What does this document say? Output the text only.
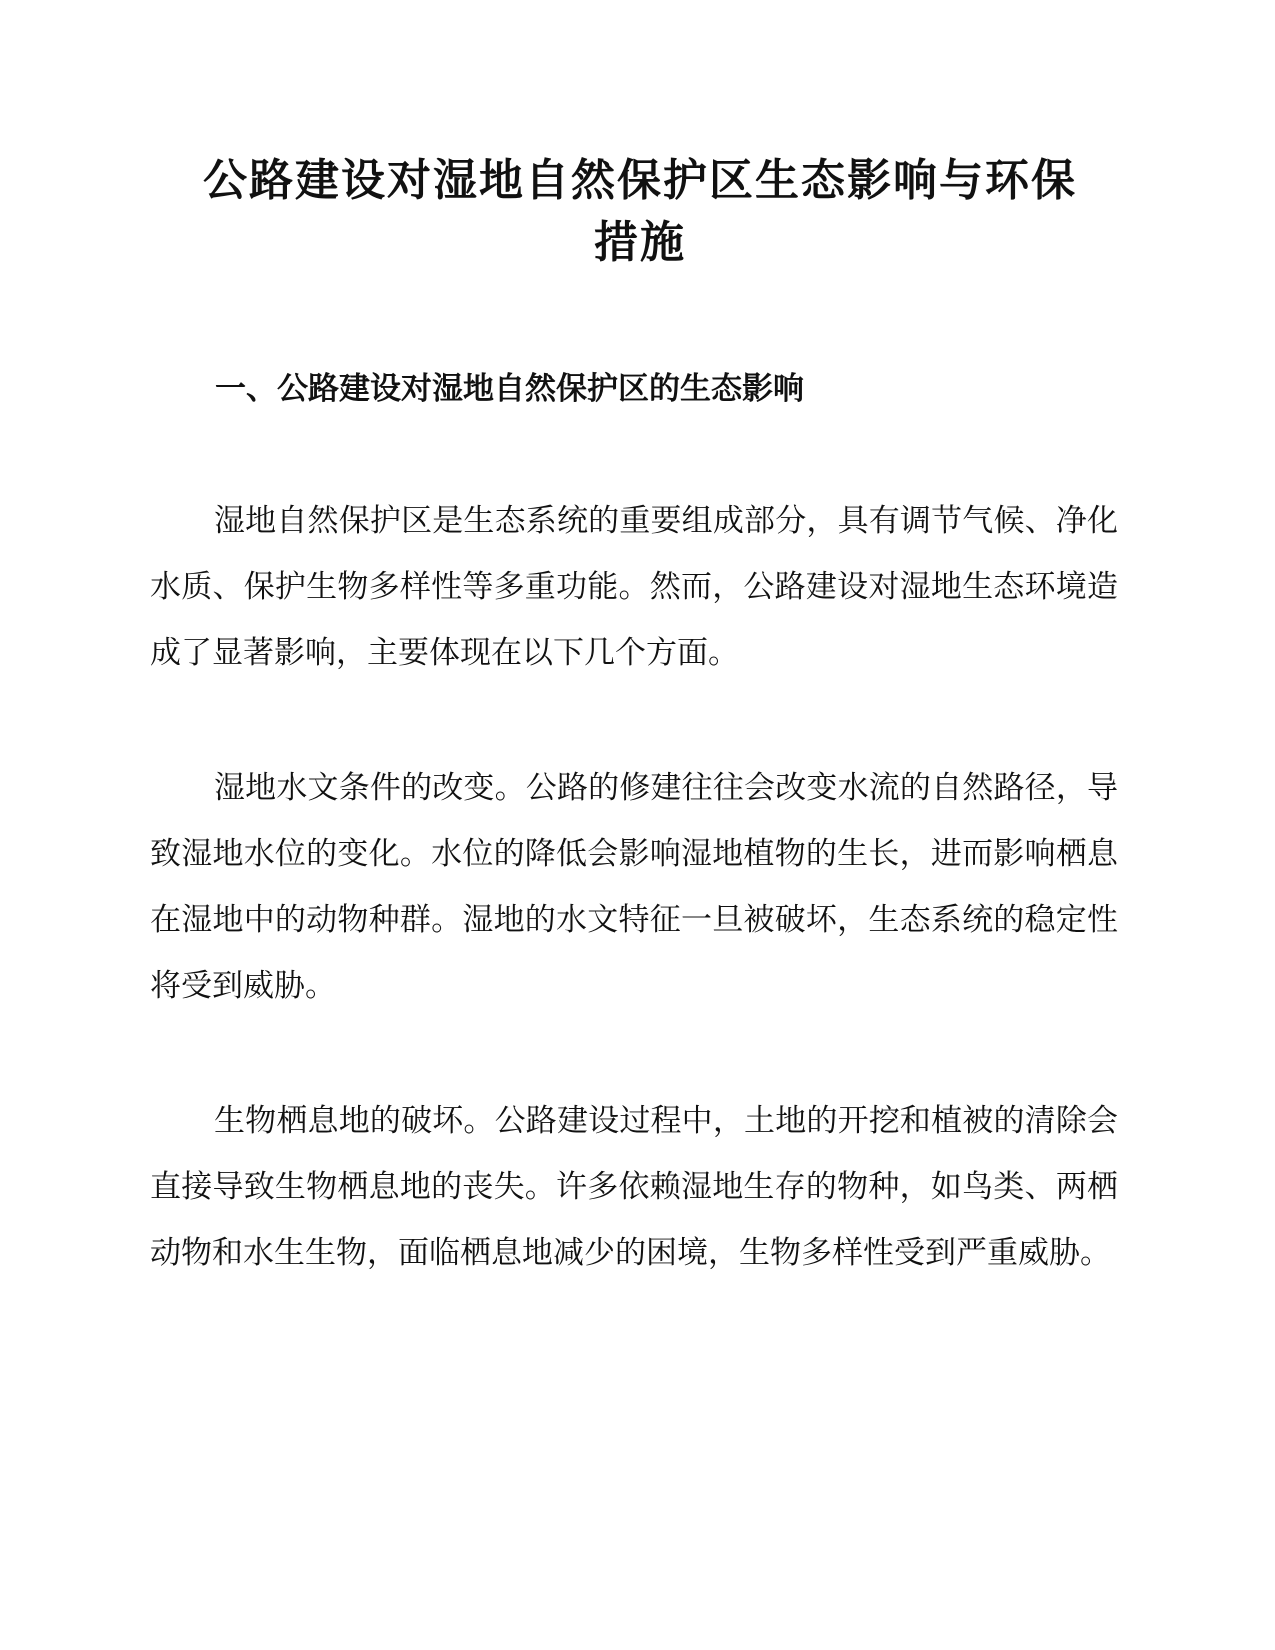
公路建设对湿地自然保护区生态影响与环保措施
一、公路建设对湿地自然保护区的生态影响

湿地自然保护区是生态系统的重要组成部分，具有调节气候、净化水质、保护生物多样性等多重功能。然而，公路建设对湿地生态环境造成了显著影响，主要体现在以下几个方面。

湿地水文条件的改变。公路的修建往往会改变水流的自然路径，导致湿地水位的变化。水位的降低会影响湿地植物的生长，进而影响栖息在湿地中的动物种群。湿地的水文特征一旦被破坏，生态系统的稳定性将受到威胁。

生物栖息地的破坏。公路建设过程中，土地的开挖和植被的清除会直接导致生物栖息地的丧失。许多依赖湿地生存的物种，如鸟类、两栖动物和水生生物，面临栖息地减少的困境，生物多样性受到严重威胁。
